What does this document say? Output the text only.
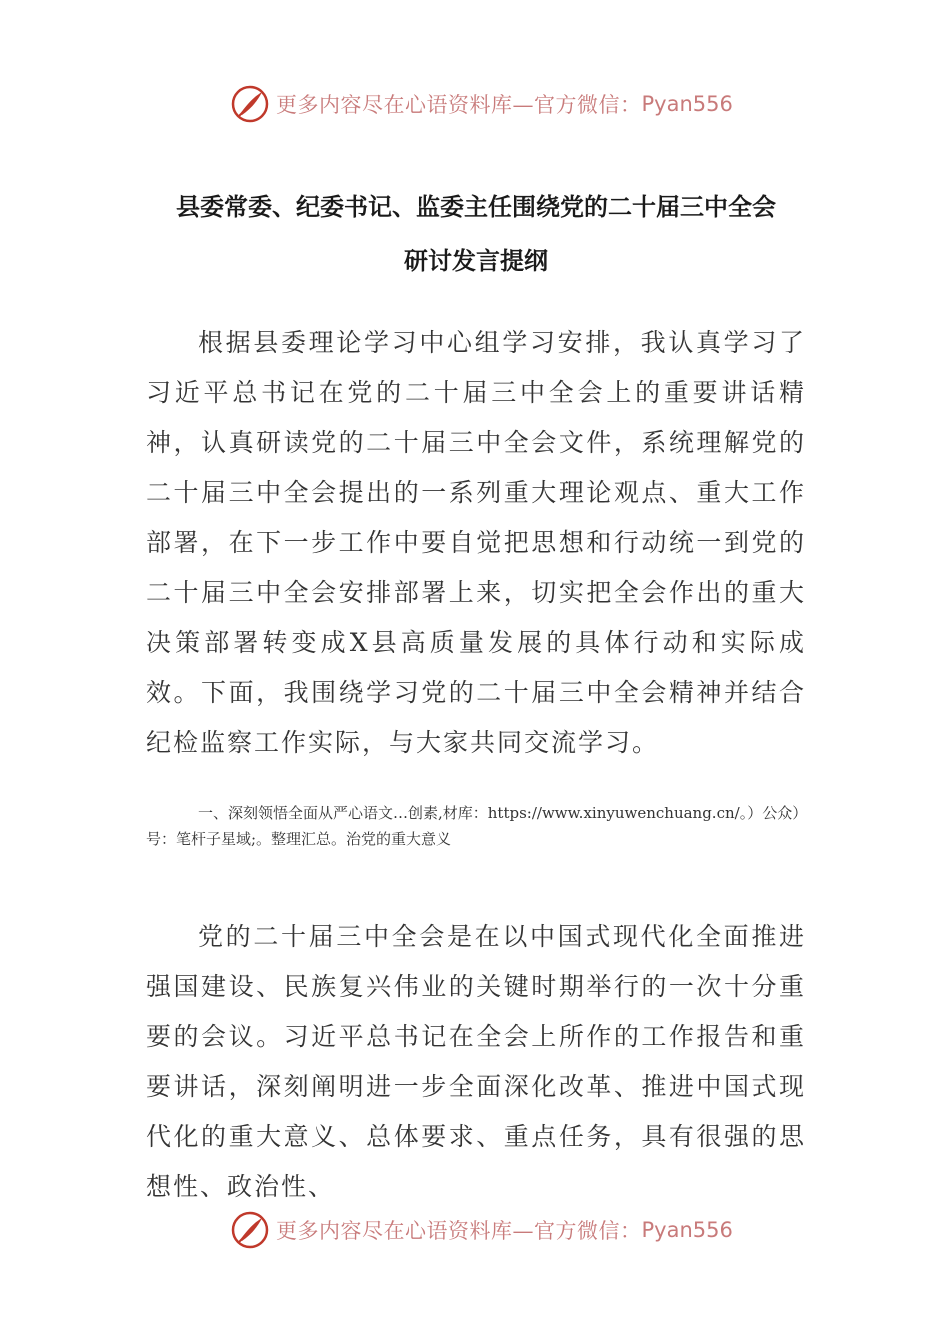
更多内容尽在心语资料库—官方微信： Pyan556
县委常委、纪委书记、监委主任围绕党的二十届三中全会
研讨发言提纲
根据县委理论学习中心组学习安排，我认真学习了习近平总书记在党的二十届三中全会上的重要讲话精神，认真研读党的二十届三中全会文件，系统理解党的二十届三中全会提出的一系列重大理论观点、重大工作部署，在下一步工作中要自觉把思想和行动统一到党的二十届三中全会安排部署上来，切实把全会作出的重大决策部署转变成X县高质量发展的具体行动和实际成效。下面，我围绕学习党的二十届三中全会精神并结合纪检监察工作实际，与大家共同交流学习。
一、深刻领悟全面从严心语文…创素,材库：https://www.xinyuwenchuang.cn/。）公众）号：笔杆子星域;。整理汇总。治党的重大意义
党的二十届三中全会是在以中国式现代化全面推进强国建设、民族复兴伟业的关键时期举行的一次十分重要的会议。习近平总书记在全会上所作的工作报告和重要讲话，深刻阐明进一步全面深化改革、推进中国式现代化的重大意义、总体要求、重点任务，具有很强的思想性、政治性、
更多内容尽在心语资料库—官方微信： Pyan556
